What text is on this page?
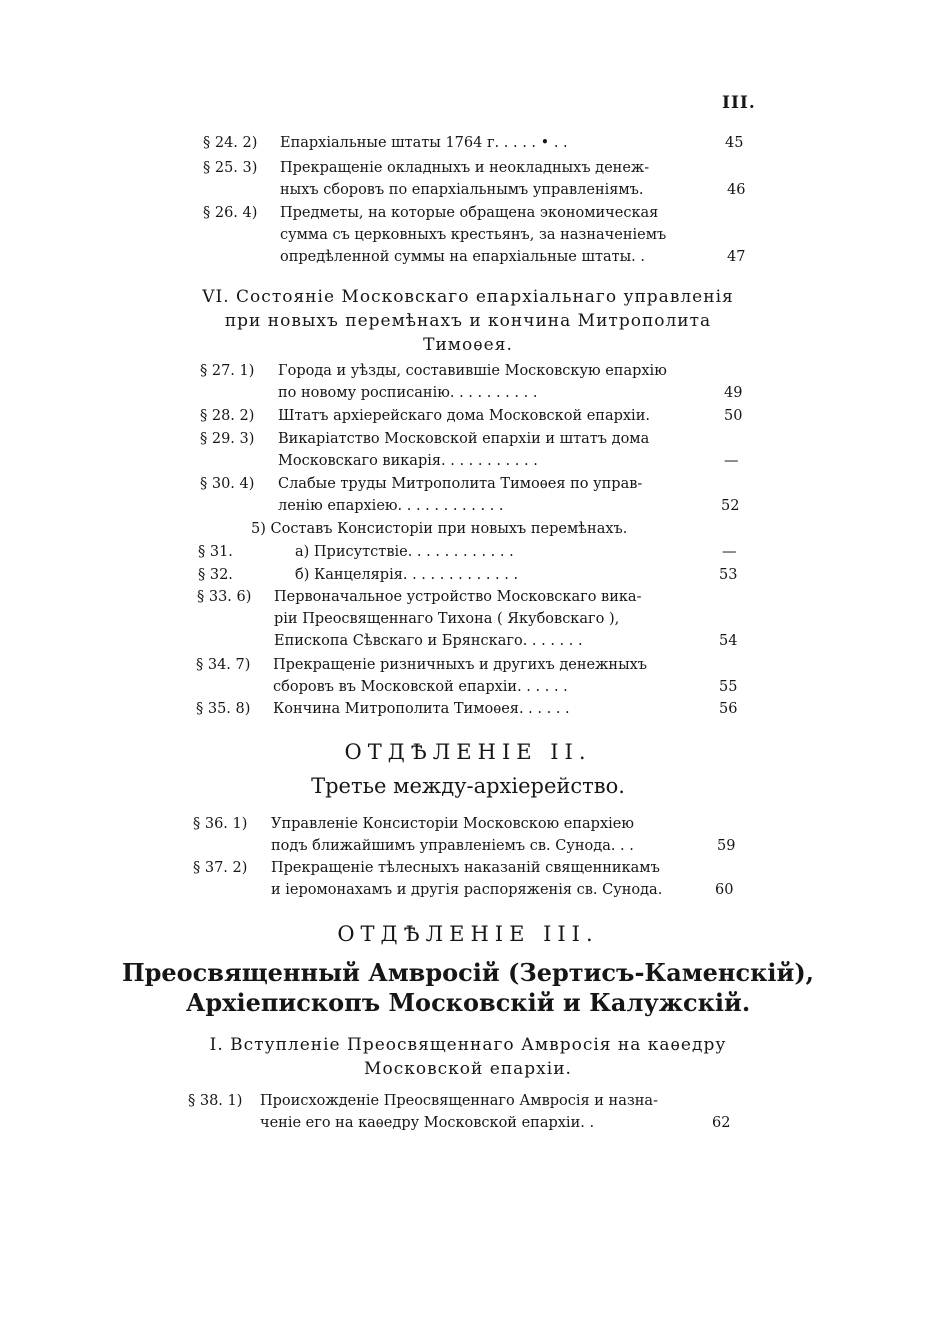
III.
§ 24. 2)	Епархіальные штаты 1764 г. . . . . • . .	45
§ 25. 3)	Прекращеніе окладныхъ и неокладныхъ денеж-
ныхъ сборовъ по епархіальнымъ управленіямъ.	46
§ 26. 4)	Предметы, на которые обращена экономическая
сумма съ церковныхъ крестьянъ, за назначеніемъ
опредѣленной суммы на епархіальные штаты. .	47
VI. Состояніе Московскаго епархіальнаго управленія
при новыхъ перемѣнахъ и кончина Митрополита
Тимоѳея.
§ 27. 1)	Города и уѣзды, составившіе Московскую епархію
по новому росписанію. . . . . . . . . .	49
§ 28. 2)	Штатъ архіерейскаго дома Московской епархіи.	50
§ 29. 3)	Викаріатство Московской епархіи и штатъ дома
Московскаго викарія. . . . . . . . . . .	—
§ 30. 4)	Слабые труды Митрополита Тимоѳея по управ-
ленію епархіею. . . . . . . . . . . .	52
5) Составъ Консисторіи при новыхъ перемѣнахъ.
§ 31.	а) Присутствіе. . . . . . . . . . . .	—
§ 32.	б) Канцелярія. . . . . . . . . . . . .	53
§ 33. 6)	Первоначальное устройство Московскаго вика-
ріи Преосвященнаго Тихона ( Якубовскаго ),
Епископа Сѣвскаго и Брянскаго. . . . . . .	54
§ 34. 7)	Прекращеніе ризничныхъ и другихъ денежныхъ
сборовъ въ Московской епархіи. . . . . .	55
§ 35. 8)	Кончина Митрополита Тимоѳея. . . . . .	56
ОТДѢЛЕНІЕ II.
Третье между-архіерейство.
§ 36. 1)	Управленіе Консисторіи Московскою епархіею
подъ ближайшимъ управленіемъ св. Сунода. . .	59
§ 37. 2)	Прекращеніе тѣлесныхъ наказаній священникамъ
и іеромонахамъ и другія распоряженія св. Сунода.	60
ОТДѢЛЕНІЕ III.
Преосвященный Амвросій (Зертисъ-Каменскій),
Архіепископъ Московскій и Калужскій.
I. Вступленіе Преосвященнаго Амвросія на каѳедру
Московской епархіи.
§ 38. 1)	Происхожденіе Преосвященнаго Амвросія и назна-
ченіе его на каѳедру Московской епархіи. .	62
